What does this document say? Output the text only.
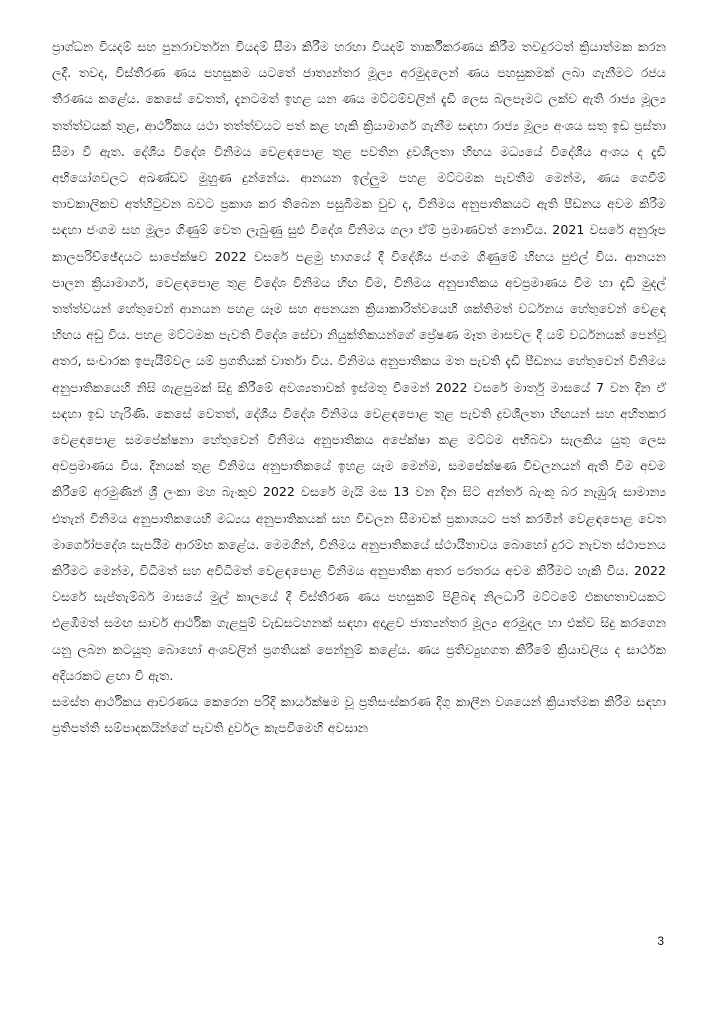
ප්‍රාග්ධන වියදම් සහ පුනරාවර්තන වියදම් සීමා කිරීම හරහා වියදම් තාර්කීකරණය කිරීම තවදුරටත් ක්‍රියාත්මක කරන ලදී. තවද, විස්තීරණ ණය පහසුකම යටතේ ජාත්‍යන්තර මූල්‍ය අරමුදලෙන් ණය පහසුකමක් ලබා ගැනීමට රජය තීරණය කළේය. කෙසේ වෙතත්, දැනටමත් ඉහළ යන ණය මට්ටම්වලින් දැඩි ලෙස බලපෑමට ලක්ව ඇති රාජ්‍ය මූල්‍ය තත්ත්වයක් තුළ, ආර්ථිකය යථා තත්ත්වයට පත් කළ හැකි ක්‍රියාමාර්ග ගැනීම සඳහා රාජ්‍ය මූල්‍ය අංශය සතු ඉඩ ප්‍රස්තා සීමා වී ඇත. දේශීය විදේශ විනිමය වෙළඳපොළ තුළ පවතින ද්‍රවශීලතා හිඟය මධ්‍යයේ විදේශීය අංශය ද දැඩි අභියෝගවලට අඛණ්ඩව මුහුණ දුන්නේය. ආනයන ඉල්ලුම පහළ මට්ටමක පැවතීම මෙන්ම, ණය ගෙවීම් තාවකාලිකව අත්හිටුවන බවට ප්‍රකාශ කර තිබෙන පසුබිමක වුව ද, විනිමය අනුපාතිකයට ඇති පීඩනය අවම කිරීම සඳහා ජංගම සහ මූල්‍ය ගිණුම් වෙත ලැබුණු සුළු විදේශ විනිමය ගලා ඒම් ප්‍රමාණවත් නොවීය. 2021 වසරේ අනුරූප කාලපරිච්ඡේදයට සාපේක්ෂව 2022 වසරේ පළමු භාගයේ දී විදේශීය ජංගම ගිණුමේ හිඟය පුළුල් විය. ආනයන පාලන ක්‍රියාමාර්ග, වෙළඳපොළ තුළ විදේශ විනිමය හිඟ වීම, විනිමය අනුපාතිකය අවප්‍රමාණය වීම හා දැඩි මුදල් තත්ත්වයන් හේතුවෙන් ආනයන පහළ යෑම සහ අපනයන ක්‍රියාකාරිත්වයෙහි ශක්තිමත් වර්ධනය හේතුවෙන් වෙළඳ හිඟය අඩු විය. පහළ මට්ටමක පැවති විදේශ සේවා නියුක්තිකයන්ගේ ප්‍රේෂණ මෑත මාසවල දී යම් වර්ධනයක් පෙන්වූ අතර, සංචාරක ඉපැයීම්වල යම් ප්‍රගතියක් වාර්තා විය. විනිමය අනුපාතිකය මත පැවති දැඩි පීඩනය හේතුවෙන් විනිමය අනුපාතිකයෙහි නිසි ගැළපුමක් සිදු කිරීමේ අවශ්‍යතාවක් ඉස්මතු වීමෙන් 2022 වසරේ මාර්තු මාසයේ 7 වන දින ඒ සඳහා ඉඩ හැරිණි. කෙසේ වෙතත්, දේශීය විදේශ විනිමය වෙළඳපොළ තුළ පැවති ද්‍රවශීලතා හිඟයන් සහ අහිතකර වෙළඳපොළ සමපේක්ෂනා හේතුවෙන් විනිමය අනුපාතිකය අපේක්ෂා කළ මට්ටම අභිබවා සැලකිය යුතු ලෙස අවප්‍රමාණය විය. දිනයක් තුළ විනිමය අනුපාතිකයේ ඉහළ යෑම මෙන්ම, සමපේක්ෂණ විචලනයන් ඇති වීම අවම කිරීමේ අරමුණින් ශ්‍රී ලංකා මහ බැංකුව 2022 වසරේ මැයි මස 13 වන දින සිට අන්තර් බැංකු බර නැඹුරු සාමාන්‍ය එතැන් විනිමය අනුපාතිකයෙහි මධ්‍යය අනුපාතිකයක් සහ විචලන සීමාවක් ප්‍රකාශයට පත් කරමින් වෙළඳපොළ වෙත මාර්ගෝපදේශ සැපයීම ආරම්භ කළේය. මෙමගින්, විනිමය අනුපාතිකයේ ස්ථායීතාවය බොහෝ දුරට නැවත ස්ථාපනය කිරීමට මෙන්ම, විධිමත් සහ අවිධිමත් වෙළඳපොළ විනිමය අනුපාතික අතර පරතරය අවම කිරීමට හැකි විය. 2022 වසරේ සැප්තැම්බර් මාසයේ මුල් කාලයේ දී විස්තීරණ ණය පහසුකම් පිළිබඳ නිලධාරි මට්ටමේ එකඟතාවයකට එළඹීමත් සමඟ සාර්ව ආර්ථික ගැළපුම් වැඩසටහනක් සඳහා අදාළව ජාත්‍යන්තර මූල්‍ය අරමුදල හා එක්ව සිදු කරගෙන යනු ලබන කටයුතු බොහෝ අංශවලින් ප්‍රගතියක් පෙන්නුම් කළේය. ණය ප්‍රතිව්‍යුහගත කිරීමේ ක්‍රියාවලිය ද සාර්ථක අදියරකට ළඟා වී ඇත.

සමස්ත ආර්ථිකය ආවරණය කෙරෙන පරිදි කාර්යක්ෂම වූ ප්‍රතිසංස්කරණ දිගු කාලීන වශයෙන් ක්‍රියාත්මක කිරීම සඳහා ප්‍රතිපත්ති සම්පාදකයින්ගේ පැවති දුර්වල කැපවීමෙහි අවසාන

3
